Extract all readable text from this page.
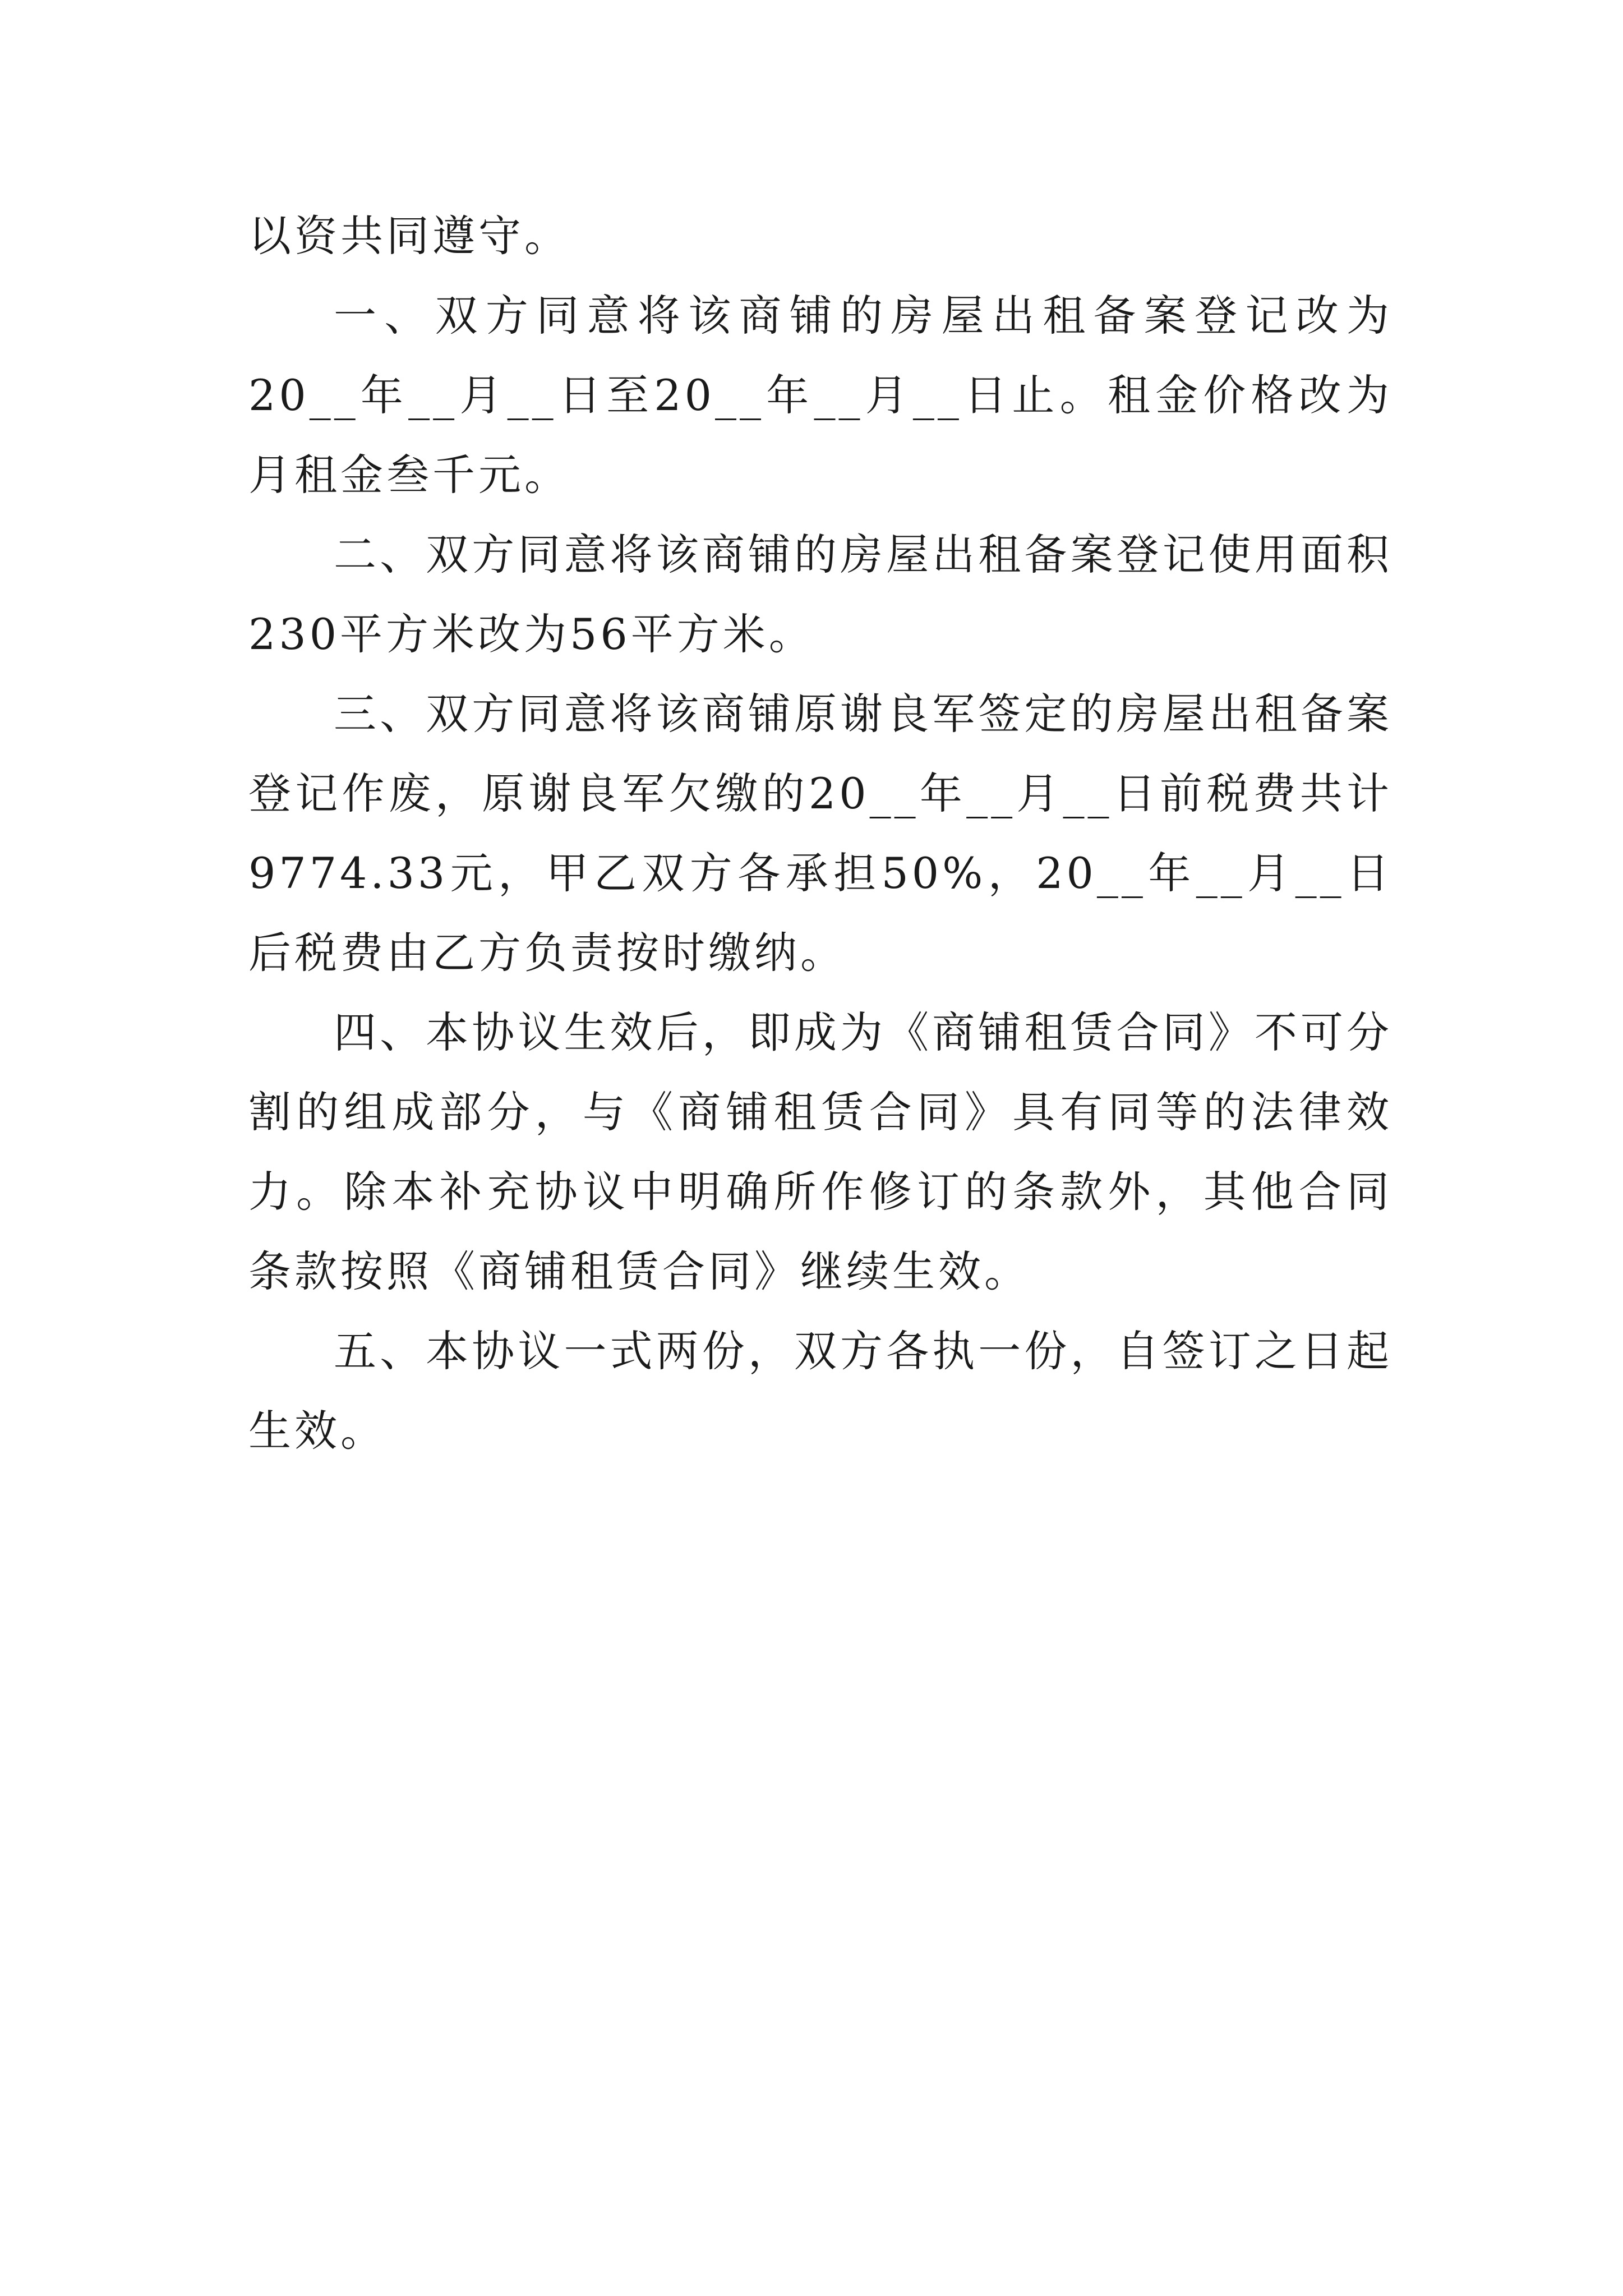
以资共同遵守。

一、双方同意将该商铺的房屋出租备案登记改为20__年__月__日至20__年__月__日止。租金价格改为月租金叁千元。

二、双方同意将该商铺的房屋出租备案登记使用面积230平方米改为56平方米。

三、双方同意将该商铺原谢良军签定的房屋出租备案登记作废，原谢良军欠缴的20__年__月__日前税费共计9774.33元，甲乙双方各承担50%，20__年__月__日后税费由乙方负责按时缴纳。

四、本协议生效后，即成为《商铺租赁合同》不可分割的组成部分，与《商铺租赁合同》具有同等的法律效力。除本补充协议中明确所作修订的条款外，其他合同条款按照《商铺租赁合同》继续生效。

五、本协议一式两份，双方各执一份，自签订之日起生效。
